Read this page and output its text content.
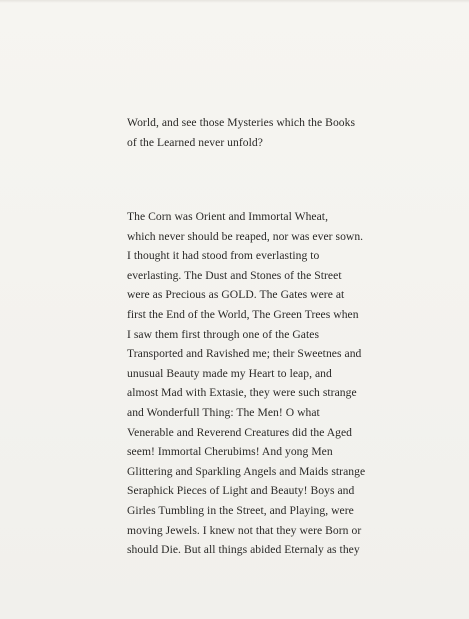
World, and see those Mysteries which the Books
of the Learned never unfold?
The Corn was Orient and Immortal Wheat,
which never should be reaped, nor was ever sown.
I thought it had stood from everlasting to
everlasting. The Dust and Stones of the Street
were as Precious as GOLD. The Gates were at
first the End of the World, The Green Trees when
I saw them first through one of the Gates
Transported and Ravished me; their Sweetnes and
unusual Beauty made my Heart to leap, and
almost Mad with Extasie, they were such strange
and Wonderfull Thing: The Men! O what
Venerable and Reverend Creatures did the Aged
seem! Immortal Cherubims! And yong Men
Glittering and Sparkling Angels and Maids strange
Seraphick Pieces of Light and Beauty! Boys and
Girles Tumbling in the Street, and Playing, were
moving Jewels. I knew not that they were Born or
should Die. But all things abided Eternaly as they
